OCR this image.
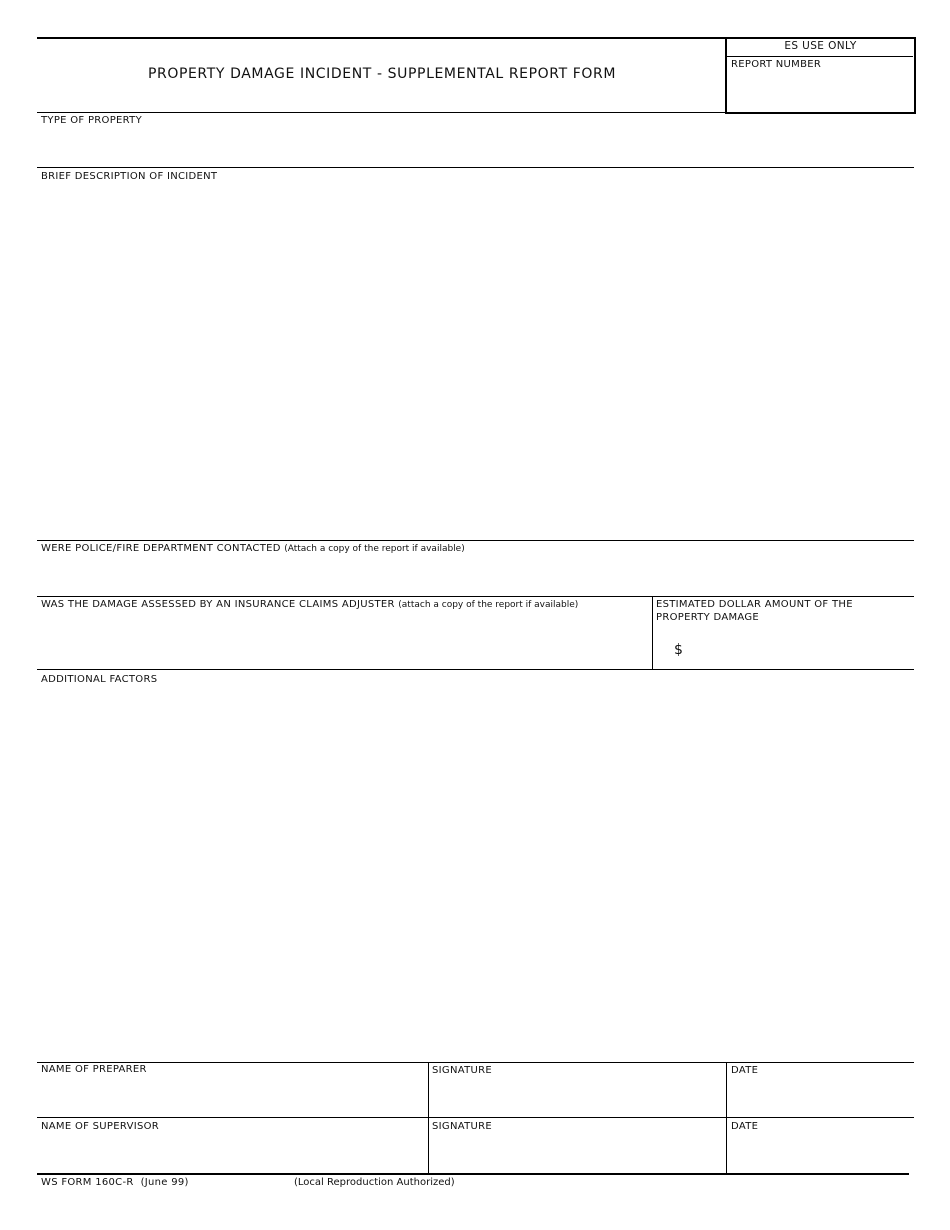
PROPERTY DAMAGE INCIDENT - SUPPLEMENTAL REPORT FORM
ES USE ONLY
REPORT NUMBER
TYPE OF PROPERTY
BRIEF DESCRIPTION OF INCIDENT
WERE POLICE/FIRE DEPARTMENT CONTACTED (Attach a copy of the report if available)
WAS THE DAMAGE ASSESSED BY AN INSURANCE CLAIMS ADJUSTER (attach a copy of the report if available)	ESTIMATED DOLLAR AMOUNT OF THE
PROPERTY DAMAGE
$
ADDITIONAL FACTORS
NAME OF PREPARER	SIGNATURE	DATE
NAME OF SUPERVISOR	SIGNATURE	DATE
WS FORM 160C-R  (June 99)	(Local Reproduction Authorized)
